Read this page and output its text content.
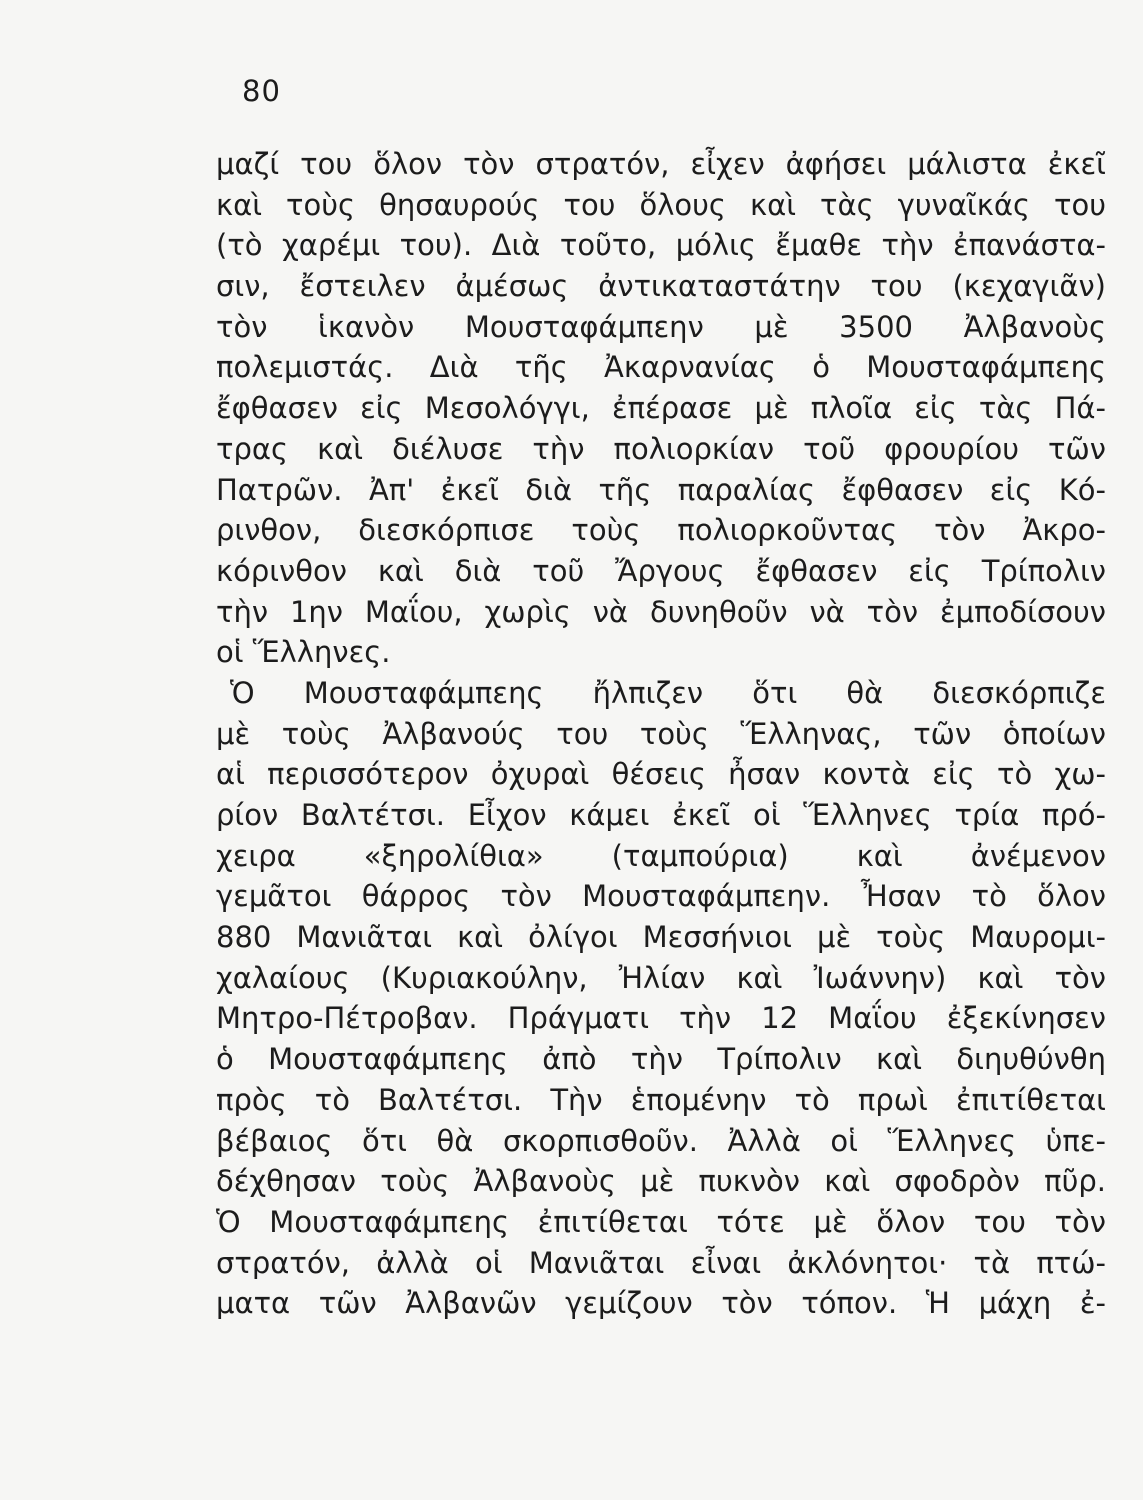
80
μαζί του ὅλον τὸν στρατόν, εἶχεν ἀφήσει μάλιστα ἐκεῖ
καὶ τοὺς θησαυρούς του ὅλους καὶ τὰς γυναῖκάς του
(τὸ χαρέμι του). Διὰ τοῦτο, μόλις ἔμαθε τὴν ἐπανάστα-
σιν, ἔστειλεν ἀμέσως ἀντικαταστάτην του (κεχαγιᾶν)
τὸν ἱκανὸν Μουσταφάμπεην μὲ 3500 Ἀλβανοὺς
πολεμιστάς. Διὰ τῆς Ἀκαρνανίας ὁ Μουσταφάμπεης
ἔφθασεν εἰς Μεσολόγγι, ἐπέρασε μὲ πλοῖα εἰς τὰς Πά-
τρας καὶ διέλυσε τὴν πολιορκίαν τοῦ φρουρίου τῶν
Πατρῶν. Ἀπ' ἐκεῖ διὰ τῆς παραλίας ἔφθασεν εἰς Κό-
ρινθον, διεσκόρπισε τοὺς πολιορκοῦντας τὸν Ἀκρο-
κόρινθον καὶ διὰ τοῦ Ἄργους ἔφθασεν εἰς Τρίπολιν
τὴν 1ην Μαΐου, χωρὶς νὰ δυνηθοῦν νὰ τὸν ἐμποδίσουν
οἱ Ἕλληνες.
Ὁ Μουσταφάμπεης ἤλπιζεν ὅτι θὰ διεσκόρπιζε
μὲ τοὺς Ἀλβανούς του τοὺς Ἕλληνας, τῶν ὁποίων
αἱ περισσότερον ὀχυραὶ θέσεις ἦσαν κοντὰ εἰς τὸ χω-
ρίον Βαλτέτσι. Εἶχον κάμει ἐκεῖ οἱ Ἕλληνες τρία πρό-
χειρα «ξηρολίθια» (ταμπούρια) καὶ ἀνέμενον
γεμᾶτοι θάρρος τὸν Μουσταφάμπεην. Ἦσαν τὸ ὅλον
880 Μανιᾶται καὶ ὀλίγοι Μεσσήνιοι μὲ τοὺς Μαυρομι-
χαλαίους (Κυριακούλην, Ἠλίαν καὶ Ἰωάννην) καὶ τὸν
Μητρο-Πέτροβαν. Πράγματι τὴν 12 Μαΐου ἐξεκίνησεν
ὁ Μουσταφάμπεης ἀπὸ τὴν Τρίπολιν καὶ διηυθύνθη
πρὸς τὸ Βαλτέτσι. Τὴν ἑπομένην τὸ πρωὶ ἐπιτίθεται
βέβαιος ὅτι θὰ σκορπισθοῦν. Ἀλλὰ οἱ Ἕλληνες ὑπε-
δέχθησαν τοὺς Ἀλβανοὺς μὲ πυκνὸν καὶ σφοδρὸν πῦρ.
Ὁ Μουσταφάμπεης ἐπιτίθεται τότε μὲ ὅλον του τὸν
στρατόν, ἀλλὰ οἱ Μανιᾶται εἶναι ἀκλόνητοι· τὰ πτώ-
ματα τῶν Ἀλβανῶν γεμίζουν τὸν τόπον. Ἡ μάχη ἐ-
